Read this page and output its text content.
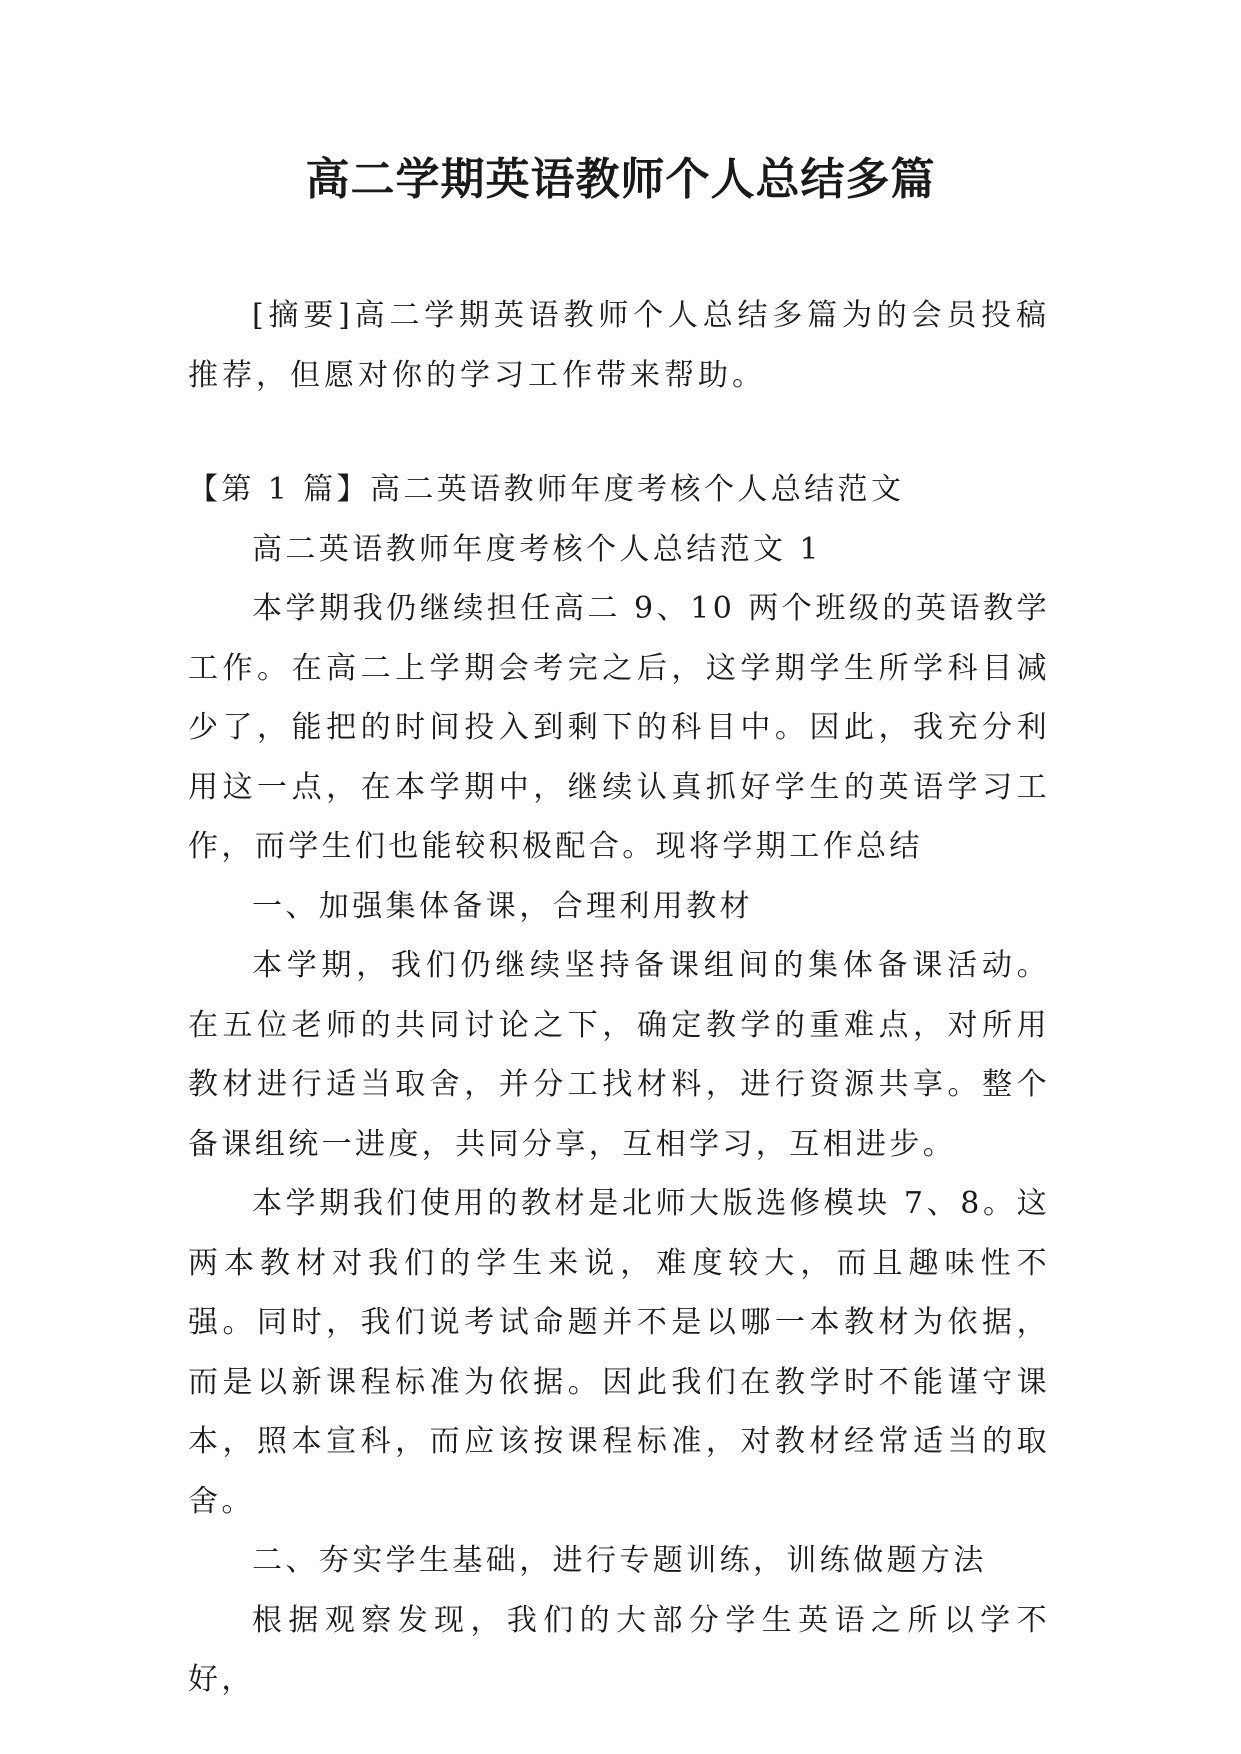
高二学期英语教师个人总结多篇

[摘要]高二学期英语教师个人总结多篇为的会员投稿推荐，但愿对你的学习工作带来帮助。

【第 1 篇】高二英语教师年度考核个人总结范文

高二英语教师年度考核个人总结范文 1

本学期我仍继续担任高二 9、10 两个班级的英语教学工作。在高二上学期会考完之后，这学期学生所学科目减少了，能把的时间投入到剩下的科目中。因此，我充分利用这一点，在本学期中，继续认真抓好学生的英语学习工作，而学生们也能较积极配合。现将学期工作总结

一、加强集体备课，合理利用教材

本学期，我们仍继续坚持备课组间的集体备课活动。在五位老师的共同讨论之下，确定教学的重难点，对所用教材进行适当取舍，并分工找材料，进行资源共享。整个备课组统一进度，共同分享，互相学习，互相进步。

本学期我们使用的教材是北师大版选修模块 7、8。这两本教材对我们的学生来说，难度较大，而且趣味性不强。同时，我们说考试命题并不是以哪一本教材为依据，而是以新课程标准为依据。因此我们在教学时不能谨守课本，照本宣科，而应该按课程标准，对教材经常适当的取舍。

二、夯实学生基础，进行专题训练，训练做题方法

根据观察发现，我们的大部分学生英语之所以学不好，
